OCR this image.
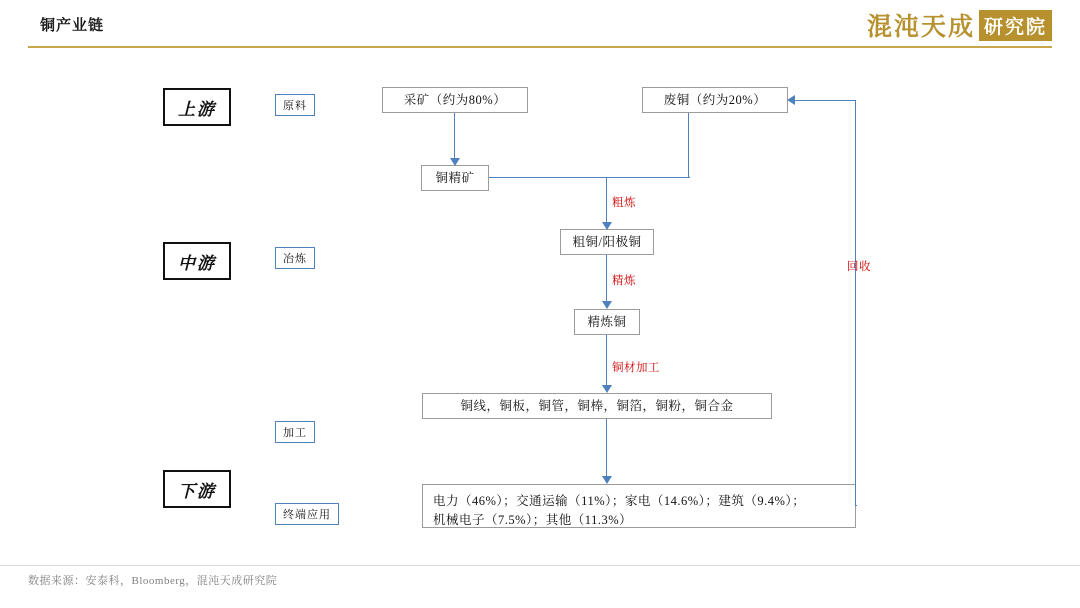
铜产业链	混沌天成 研究院
上游
中游
下游
原料
冶炼
加工
终端应用
采矿（约为80%）	废铜（约为20%）
铜精矿
粗铜/阳极铜
精炼铜
铜线，铜板，铜管，铜棒，铜箔，铜粉，铜合金
电力（46%）；交通运输（11%）；家电（14.6%）；建筑（9.4%）；
机械电子（7.5%）；其他（11.3%）
粗炼
精炼
铜材加工
回收
数据来源：安泰科，Bloomberg，混沌天成研究院
